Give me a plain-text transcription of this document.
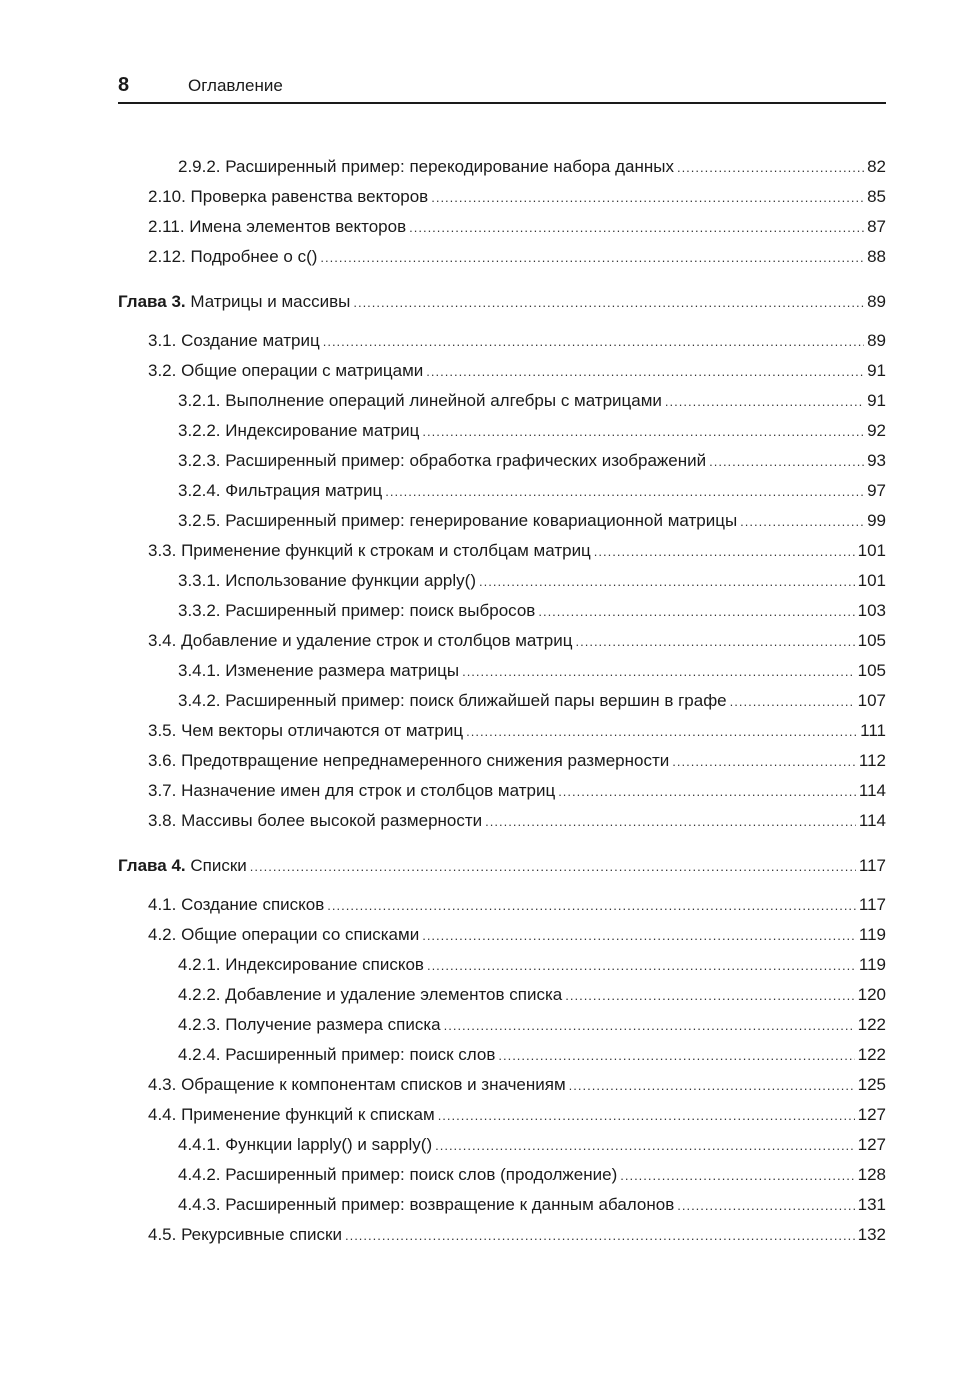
8	Оглавление
2.9.2. Расширенный пример: перекодирование набора данных .....	82
2.10. Проверка равенства векторов .....	85
2.11. Имена элементов векторов .....	87
2.12. Подробнее о c() .....	88
Глава 3. Матрицы и массивы .....	89
3.1. Создание матриц .....	89
3.2. Общие операции с матрицами .....	91
3.2.1. Выполнение операций линейной алгебры с матрицами .....	91
3.2.2. Индексирование матриц .....	92
3.2.3. Расширенный пример: обработка графических изображений .....	93
3.2.4. Фильтрация матриц .....	97
3.2.5. Расширенный пример: генерирование ковариационной матрицы .....	99
3.3. Применение функций к строкам и столбцам матриц .....	101
3.3.1. Использование функции apply() .....	101
3.3.2. Расширенный пример: поиск выбросов .....	103
3.4. Добавление и удаление строк и столбцов матриц .....	105
3.4.1. Изменение размера матрицы .....	105
3.4.2. Расширенный пример: поиск ближайшей пары вершин в графе .....	107
3.5. Чем векторы отличаются от матриц .....	111
3.6. Предотвращение непреднамеренного снижения размерности .....	112
3.7. Назначение имен для строк и столбцов матриц .....	114
3.8. Массивы более высокой размерности .....	114
Глава 4. Списки .....	117
4.1. Создание списков .....	117
4.2. Общие операции со списками .....	119
4.2.1. Индексирование списков .....	119
4.2.2. Добавление и удаление элементов списка .....	120
4.2.3. Получение размера списка .....	122
4.2.4. Расширенный пример: поиск слов .....	122
4.3. Обращение к компонентам списков и значениям .....	125
4.4. Применение функций к спискам .....	127
4.4.1. Функции lapply() и sapply() .....	127
4.4.2. Расширенный пример: поиск слов (продолжение) .....	128
4.4.3. Расширенный пример: возвращение к данным абалонов .....	131
4.5. Рекурсивные списки .....	132
